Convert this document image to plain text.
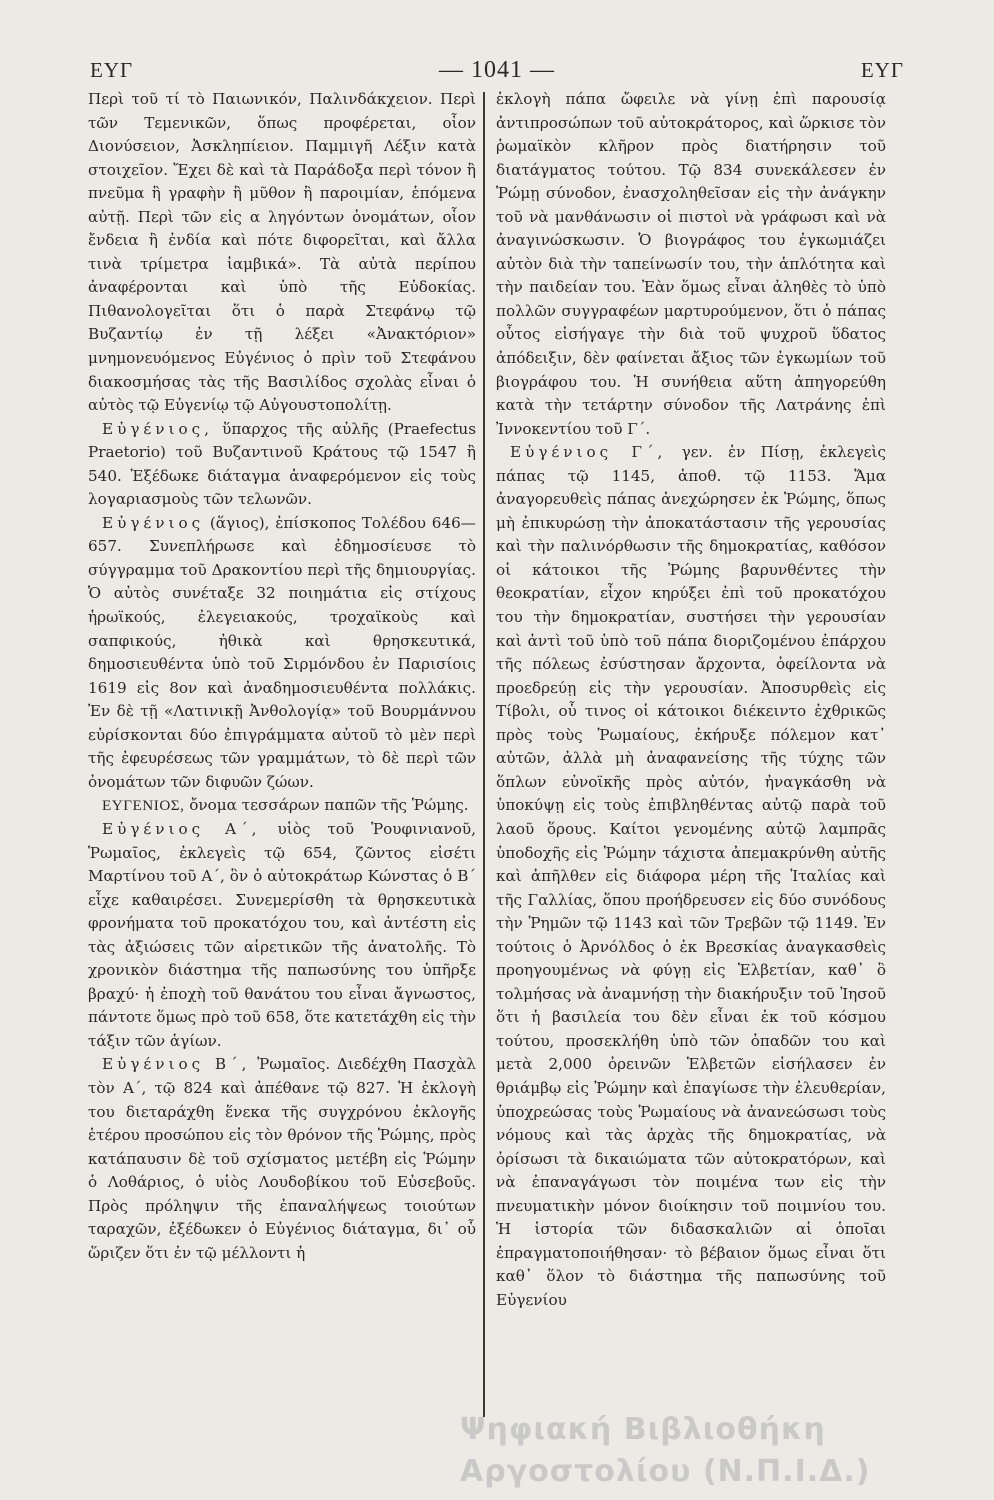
ΕΥΓ	— 1041 —	ΕΥΓ

Περὶ τοῦ τί τὸ Παιωνικόν, Παλινδάκχειον. Περὶ τῶν Τεμενικῶν, ὅπως προφέρεται, οἷον Διονύσειον, Ἀσκληπίειον. Παμμιγῆ Λέξιν κατὰ στοιχεῖον. Ἔχει δὲ καὶ τὰ Παράδοξα περὶ τόνον ἢ πνεῦμα ἢ γραφὴν ἢ μῦθον ἢ παροιμίαν, ἑπόμενα αὐτῇ. Περὶ τῶν εἰς α ληγόντων ὀνομάτων, οἷον ἔνδεια ἢ ἐνδία καὶ πότε διφορεῖται, καὶ ἄλλα τινὰ τρίμετρα ἰαμβικά». Τὰ αὐτὰ περίπου ἀναφέρονται καὶ ὑπὸ τῆς Εὐδοκίας. Πιθανολογεῖται ὅτι ὁ παρὰ Στεφάνῳ τῷ Βυζαντίῳ ἐν τῇ λέξει «Ἀνακτόριον» μνημονευόμενος Εὐγένιος ὁ πρὶν τοῦ Στεφάνου διακοσμήσας τὰς τῆς Βασιλίδος σχολὰς εἶναι ὁ αὐτὸς τῷ Εὐγενίῳ τῷ Αὐγουστοπολίτῃ.

Εὐγένιος, ὕπαρχος τῆς αὐλῆς (Praefectus Praetorio) τοῦ Βυζαντινοῦ Κράτους τῷ 1547 ἢ 540. Ἐξέδωκε διάταγμα ἀναφερόμενον εἰς τοὺς λογαριασμοὺς τῶν τελωνῶν.

Εὐγένιος (ἅγιος), ἐπίσκοπος Τολέδου 646—657. Συνεπλήρωσε καὶ ἐδημοσίευσε τὸ σύγγραμμα τοῦ Δρακοντίου περὶ τῆς δημιουργίας. Ὁ αὐτὸς συνέταξε 32 ποιημάτια εἰς στίχους ἡρωϊκούς, ἐλεγειακούς, τροχαϊκοὺς καὶ σαπφικούς, ἠθικὰ καὶ θρησκευτικά, δημοσιευθέντα ὑπὸ τοῦ Σιρμόνδου ἐν Παρισίοις 1619 εἰς 8ον καὶ ἀναδημοσιευθέντα πολλάκις. Ἐν δὲ τῇ «Λατινικῇ Ἀνθολογίᾳ» τοῦ Βουρμάννου εὑρίσκονται δύο ἐπιγράμματα αὐτοῦ τὸ μὲν περὶ τῆς ἐφευρέσεως τῶν γραμμάτων, τὸ δὲ περὶ τῶν ὀνομάτων τῶν διφυῶν ζώων.

ΕΥΓΕΝΙΟΣ, ὄνομα τεσσάρων παπῶν τῆς Ῥώμης.

Εὐγένιος Α΄, υἱὸς τοῦ Ῥουφινιανοῦ, Ῥωμαῖος, ἐκλεγεὶς τῷ 654, ζῶντος εἰσέτι Μαρτίνου τοῦ Α΄, ὃν ὁ αὐτοκράτωρ Κώνστας ὁ Β΄ εἶχε καθαιρέσει. Συνεμερίσθη τὰ θρησκευτικὰ φρονήματα τοῦ προκατόχου του, καὶ ἀντέστη εἰς τὰς ἀξιώσεις τῶν αἱρετικῶν τῆς ἀνατολῆς. Τὸ χρονικὸν διάστημα τῆς παπωσύνης του ὑπῆρξε βραχύ· ἡ ἐποχὴ τοῦ θανάτου του εἶναι ἄγνωστος, πάντοτε ὅμως πρὸ τοῦ 658, ὅτε κατετάχθη εἰς τὴν τάξιν τῶν ἁγίων.

Εὐγένιος Β΄, Ῥωμαῖος. Διεδέχθη Πασχὰλ τὸν Α΄, τῷ 824 καὶ ἀπέθανε τῷ 827. Ἡ ἐκλογὴ του διεταράχθη ἕνεκα τῆς συγχρόνου ἐκλογῆς ἑτέρου προσώπου εἰς τὸν θρόνον τῆς Ῥώμης, πρὸς κατάπαυσιν δὲ τοῦ σχίσματος μετέβη εἰς Ῥώμην ὁ Λοθάριος, ὁ υἱὸς Λουδοβίκου τοῦ Εὐσεβοῦς. Πρὸς πρόληψιν τῆς ἐπαναλήψεως τοιούτων ταραχῶν, ἐξέδωκεν ὁ Εὐγένιος διάταγμα, δι᾿ οὗ ὥριζεν ὅτι ἐν τῷ μέλλοντι ἡ

ἐκλογὴ πάπα ὤφειλε νὰ γίνῃ ἐπὶ παρουσίᾳ ἀντιπροσώπων τοῦ αὐτοκράτορος, καὶ ὥρκισε τὸν ῥωμαϊκὸν κλῆρον πρὸς διατήρησιν τοῦ διατάγματος τούτου. Τῷ 834 συνεκάλεσεν ἐν Ῥώμῃ σύνοδον, ἐνασχοληθεῖσαν εἰς τὴν ἀνάγκην τοῦ νὰ μανθάνωσιν οἱ πιστοὶ νὰ γράφωσι καὶ νὰ ἀναγινώσκωσιν. Ὁ βιογράφος του ἐγκωμιάζει αὐτὸν διὰ τὴν ταπείνωσίν του, τὴν ἁπλότητα καὶ τὴν παιδείαν του. Ἐὰν ὅμως εἶναι ἀληθὲς τὸ ὑπὸ πολλῶν συγγραφέων μαρτυρούμενον, ὅτι ὁ πάπας οὗτος εἰσήγαγε τὴν διὰ τοῦ ψυχροῦ ὕδατος ἀπόδειξιν, δὲν φαίνεται ἄξιος τῶν ἐγκωμίων τοῦ βιογράφου του. Ἡ συνήθεια αὕτη ἀπηγορεύθη κατὰ τὴν τετάρτην σύνοδον τῆς Λατράνης ἐπὶ Ἰννοκεντίου τοῦ Γ΄.

Εὐγένιος Γ΄, γεν. ἐν Πίσῃ, ἐκλεγεὶς πάπας τῷ 1145, ἀποθ. τῷ 1153. Ἅμα ἀναγορευθεὶς πάπας ἀνεχώρησεν ἐκ Ῥώμης, ὅπως μὴ ἐπικυρώσῃ τὴν ἀποκατάστασιν τῆς γερουσίας καὶ τὴν παλινόρθωσιν τῆς δημοκρατίας, καθόσον οἱ κάτοικοι τῆς Ῥώμης βαρυνθέντες τὴν θεοκρατίαν, εἶχον κηρύξει ἐπὶ τοῦ προκατόχου του τὴν δημοκρατίαν, συστήσει τὴν γερουσίαν καὶ ἀντὶ τοῦ ὑπὸ τοῦ πάπα διοριζομένου ἐπάρχου τῆς πόλεως ἐσύστησαν ἄρχοντα, ὀφείλοντα νὰ προεδρεύῃ εἰς τὴν γερουσίαν. Ἀποσυρθεὶς εἰς Τίβολι, οὗ τινος οἱ κάτοικοι διέκειντο ἐχθρικῶς πρὸς τοὺς Ῥωμαίους, ἐκήρυξε πόλεμον κατ᾿ αὐτῶν, ἀλλὰ μὴ ἀναφανείσης τῆς τύχης τῶν ὅπλων εὐνοϊκῆς πρὸς αὐτόν, ἠναγκάσθη νὰ ὑποκύψῃ εἰς τοὺς ἐπιβληθέντας αὐτῷ παρὰ τοῦ λαοῦ ὅρους. Καίτοι γενομένης αὐτῷ λαμπρᾶς ὑποδοχῆς εἰς Ῥώμην τάχιστα ἀπεμακρύνθη αὐτῆς καὶ ἀπῆλθεν εἰς διάφορα μέρη τῆς Ἰταλίας καὶ τῆς Γαλλίας, ὅπου προήδρευσεν εἰς δύο συνόδους τὴν Ῥημῶν τῷ 1143 καὶ τῶν Τρεβῶν τῷ 1149. Ἐν τούτοις ὁ Ἀρνόλδος ὁ ἐκ Βρεσκίας ἀναγκασθεὶς προηγουμένως νὰ φύγῃ εἰς Ἑλβετίαν, καθ᾿ ὃ τολμήσας νὰ ἀναμνήσῃ τὴν διακήρυξιν τοῦ Ἰησοῦ ὅτι ἡ βασιλεία του δὲν εἶναι ἐκ τοῦ κόσμου τούτου, προσεκλήθη ὑπὸ τῶν ὀπαδῶν του καὶ μετὰ 2,000 ὀρεινῶν Ἑλβετῶν εἰσήλασεν ἐν θριάμβῳ εἰς Ῥώμην καὶ ἐπαγίωσε τὴν ἐλευθερίαν, ὑποχρεώσας τοὺς Ῥωμαίους νὰ ἀνανεώσωσι τοὺς νόμους καὶ τὰς ἀρχὰς τῆς δημοκρατίας, νὰ ὁρίσωσι τὰ δικαιώματα τῶν αὐτοκρατόρων, καὶ νὰ ἐπαναγάγωσι τὸν ποιμένα των εἰς τὴν πνευματικὴν μόνον διοίκησιν τοῦ ποιμνίου του. Ἡ ἱστορία τῶν διδασκαλιῶν αἱ ὁποῖαι ἐπραγματοποιήθησαν· τὸ βέβαιον ὅμως εἶναι ὅτι καθ᾿ ὅλον τὸ διάστημα τῆς παπωσύνης τοῦ Εὐγενίου

Ψηφιακή Βιβλιοθήκη
Αργοστολίου (Ν.Π.Ι.Δ.)
